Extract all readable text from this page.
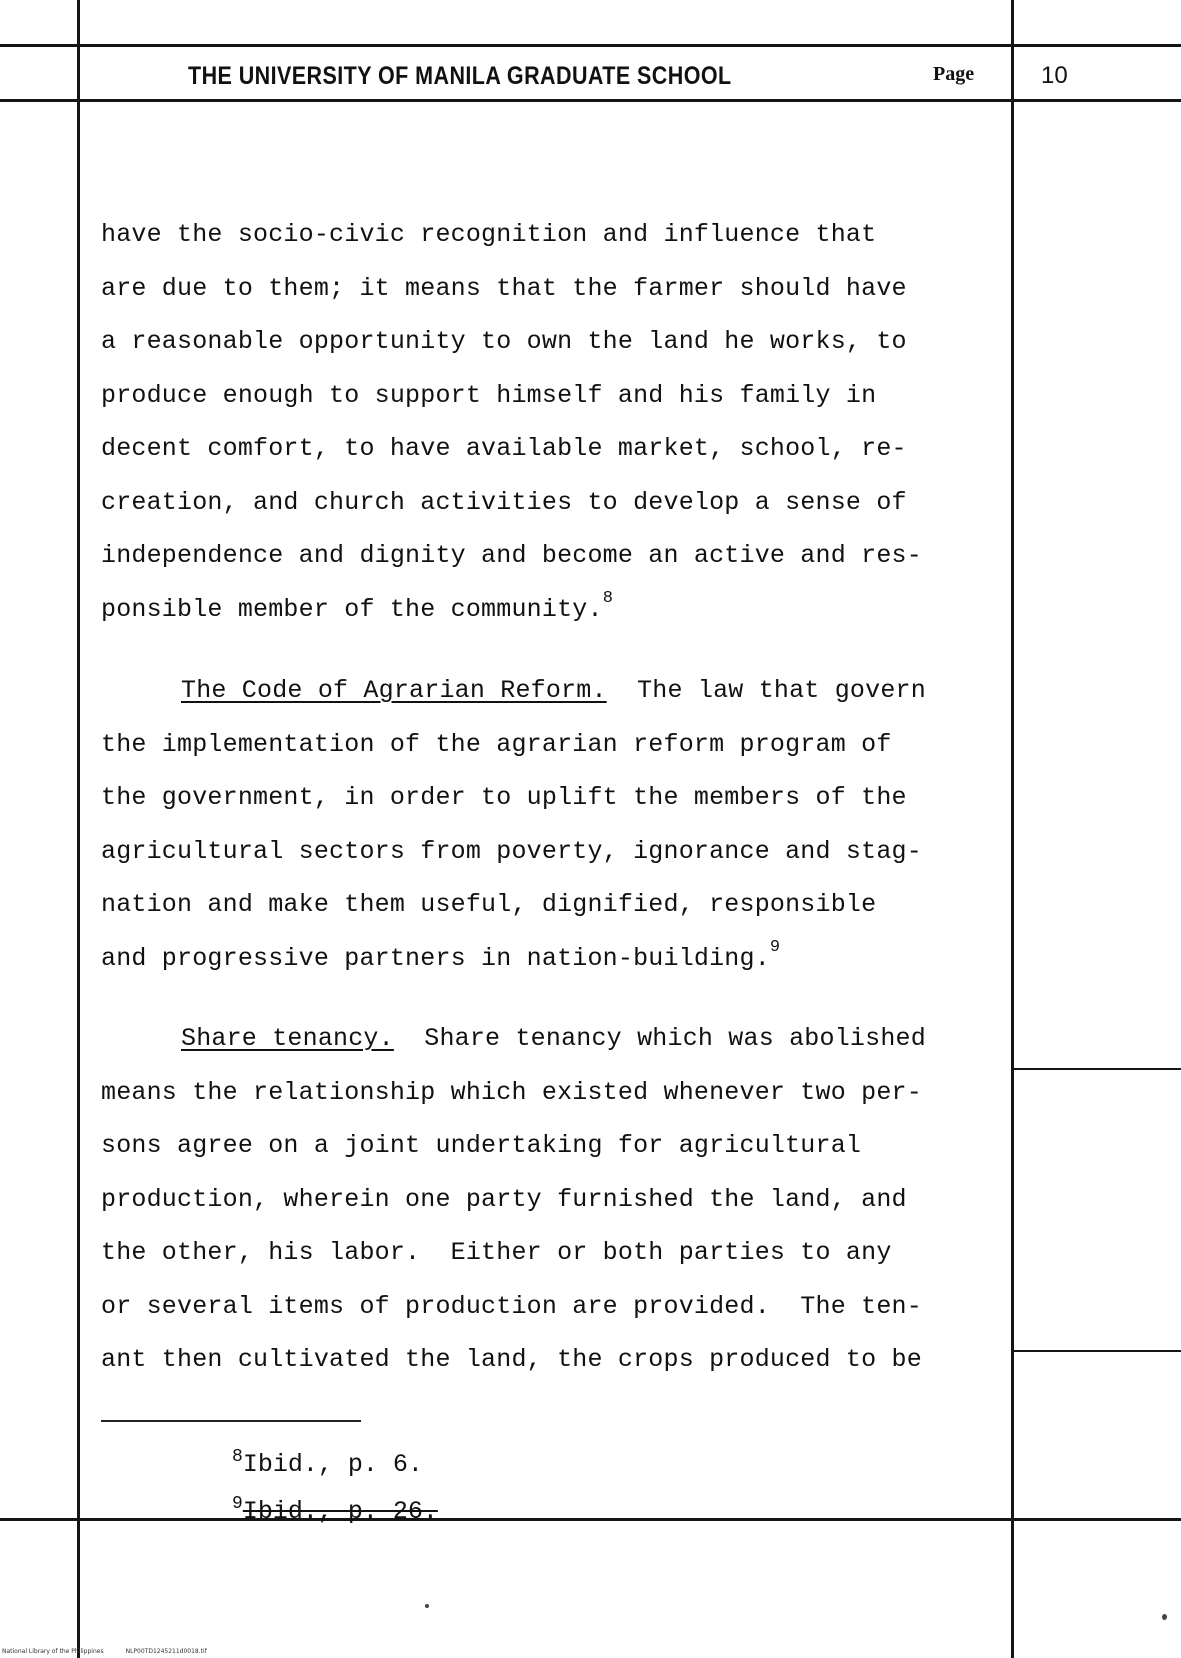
THE UNIVERSITY OF MANILA GRADUATE SCHOOL	Page	10
have the socio-civic recognition and influence that
are due to them; it means that the farmer should have
a reasonable opportunity to own the land he works, to
produce enough to support himself and his family in
decent comfort, to have available market, school, re-
creation, and church activities to develop a sense of
independence and dignity and become an active and res-
ponsible member of the community.$^8$
The Code of Agrarian Reform.  The law that govern
the implementation of the agrarian reform program of
the government, in order to uplift the members of the
agricultural sectors from poverty, ignorance and stag-
nation and make them useful, dignified, responsible
and progressive partners in nation-building.$^9$
Share tenancy.  Share tenancy which was abolished
means the relationship which existed whenever two per-
sons agree on a joint undertaking for agricultural
production, wherein one party furnished the land, and
the other, his labor.  Either or both parties to any
or several items of production are provided.  The ten-
ant then cultivated the land, the crops produced to be
$^8$Ibid., p. 6.
$^9$Ibid., p. 26.
National Library of the Philippines	NLP00TD1245211d0018.tif
